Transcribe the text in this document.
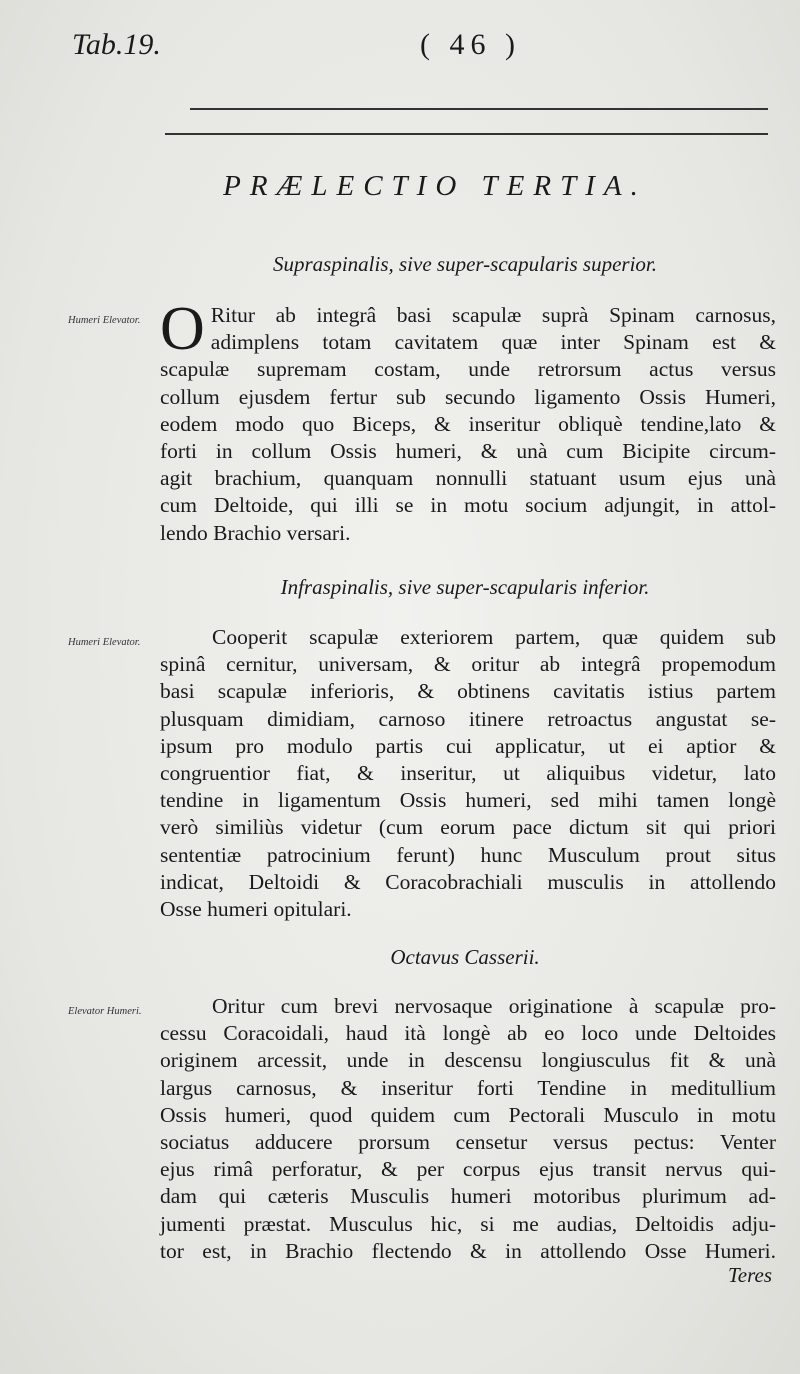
Tab.19.	( 46 )
PRÆLECTIO TERTIA.
Supraspinalis, sive super-scapularis superior.
Humeri Elevator. O Ritur ab integrâ basi scapulæ suprà Spinam carnosus,
adimplens totam cavitatem quæ inter Spinam est &
scapulæ supremam costam, unde retrorsum actus versus
collum ejusdem fertur sub secundo ligamento Ossis Humeri,
eodem modo quo Biceps, & inseritur obliquè tendine,lato &
forti in collum Ossis humeri, & unà cum Bicipite circum-
agit brachium, quanquam nonnulli statuant usum ejus unà
cum Deltoide, qui illi se in motu socium adjungit, in attol-
lendo Brachio versari.
Infraspinalis, sive super-scapularis inferior.
Humeri Elevator.	Cooperit scapulæ exteriorem partem, quæ quidem sub
spinâ cernitur, universam, & oritur ab integrâ propemodum
basi scapulæ inferioris, & obtinens cavitatis istius partem
plusquam dimidiam, carnoso itinere retroactus angustat se-
ipsum pro modulo partis cui applicatur, ut ei aptior &
congruentior fiat, & inseritur, ut aliquibus videtur, lato
tendine in ligamentum Ossis humeri, sed mihi tamen longè
verò similiùs videtur (cum eorum pace dictum sit qui priori
sententiæ patrocinium ferunt) hunc Musculum prout situs
indicat, Deltoidi & Coracobrachiali musculis in attollendo
Osse humeri opitulari.
Octavus Casserii.
Elevator Humeri.	Oritur cum brevi nervosaque originatione à scapulæ pro-
cessu Coracoidali, haud ità longè ab eo loco unde Deltoides
originem arcessit, unde in descensu longiusculus fit & unà
largus carnosus, & inseritur forti Tendine in meditullium
Ossis humeri, quod quidem cum Pectorali Musculo in motu
sociatus adducere prorsum censetur versus pectus: Venter
ejus rimâ perforatur, & per corpus ejus transit nervus qui-
dam qui cæteris Musculis humeri motoribus plurimum ad-
jumenti præstat. Musculus hic, si me audias, Deltoidis adju-
tor est, in Brachio flectendo & in attollendo Osse Humeri.
Teres
